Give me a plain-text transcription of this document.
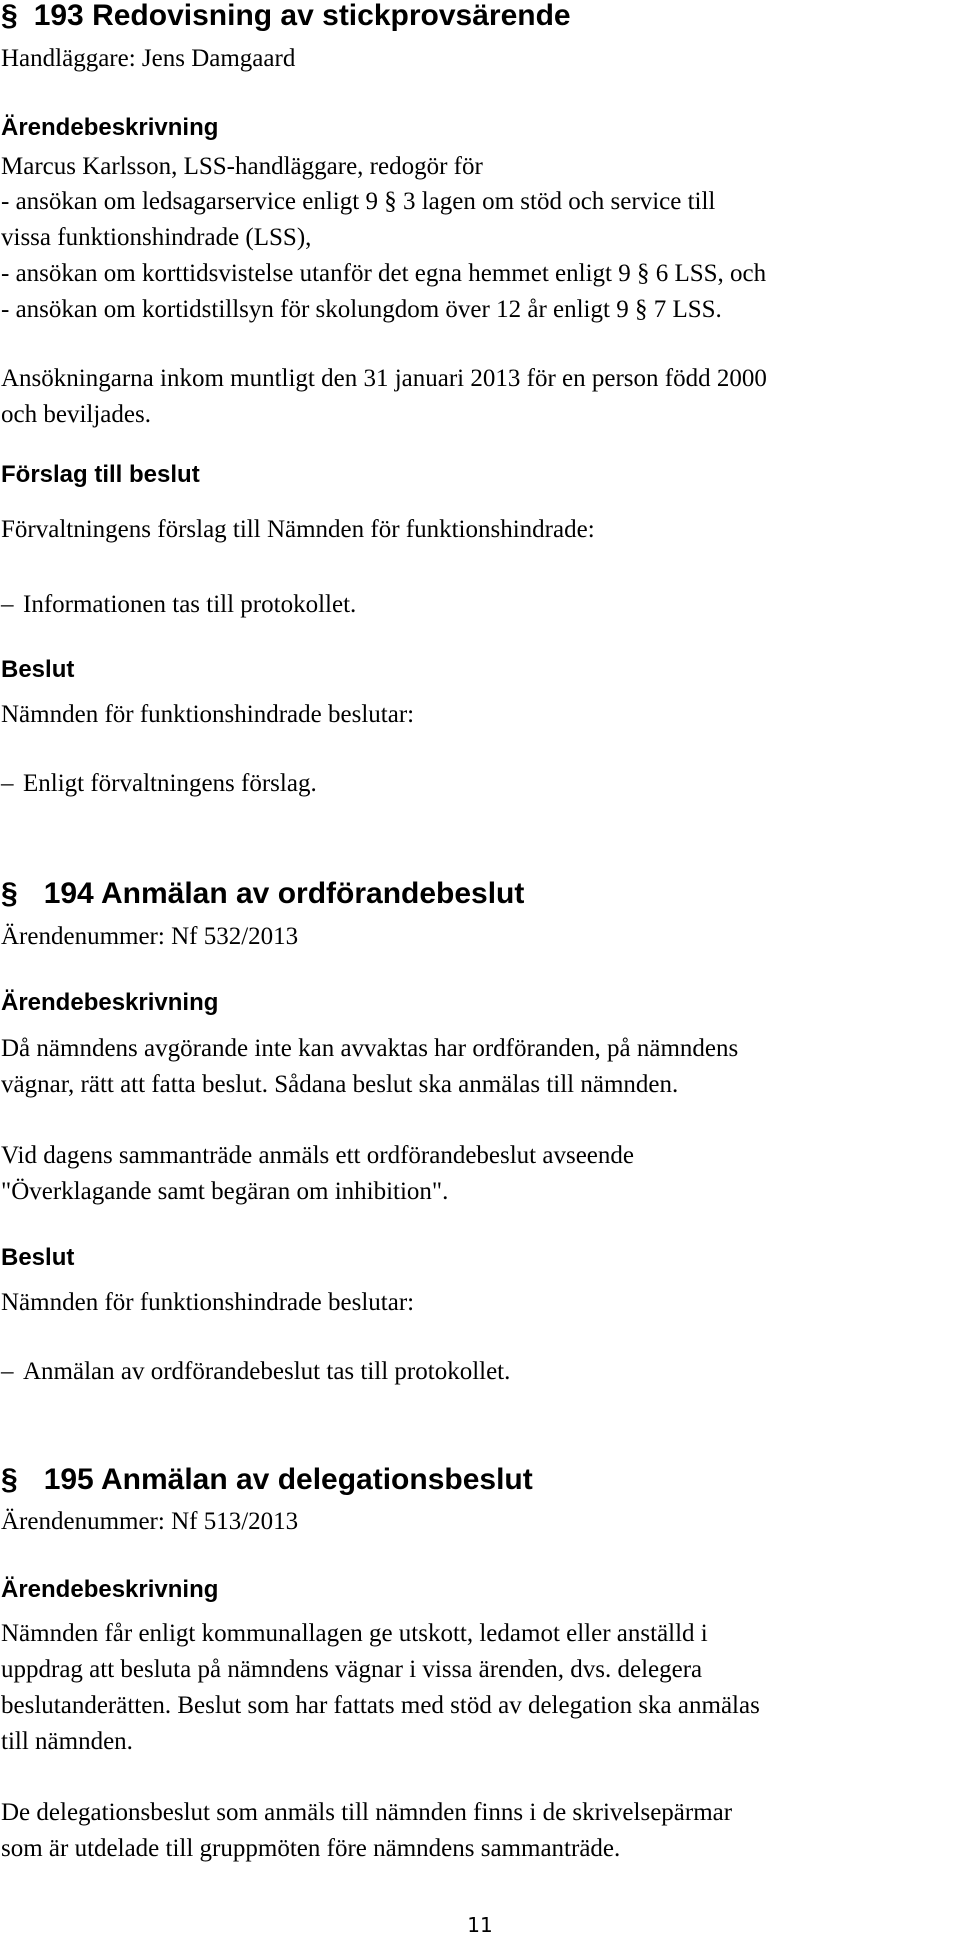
§ 193 Redovisning av stickprovsärende
Handläggare: Jens Damgaard
Ärendebeskrivning
Marcus Karlsson, LSS-handläggare, redogör för
- ansökan om ledsagarservice enligt 9 § 3 lagen om stöd och service till
vissa funktionshindrade (LSS),
- ansökan om korttidsvistelse utanför det egna hemmet enligt 9 § 6 LSS, och
- ansökan om kortidstillsyn för skolungdom över 12 år enligt 9 § 7 LSS.
Ansökningarna inkom muntligt den 31 januari 2013 för en person född 2000
och beviljades.
Förslag till beslut
Förvaltningens förslag till Nämnden för funktionshindrade:
– Informationen tas till protokollet.
Beslut
Nämnden för funktionshindrade beslutar:
– Enligt förvaltningens förslag.
§ 194 Anmälan av ordförandebeslut
Ärendenummer: Nf 532/2013
Ärendebeskrivning
Då nämndens avgörande inte kan avvaktas har ordföranden, på nämndens
vägnar, rätt att fatta beslut. Sådana beslut ska anmälas till nämnden.
Vid dagens sammanträde anmäls ett ordförandebeslut avseende
"Överklagande samt begäran om inhibition".
Beslut
Nämnden för funktionshindrade beslutar:
– Anmälan av ordförandebeslut tas till protokollet.
§ 195 Anmälan av delegationsbeslut
Ärendenummer: Nf 513/2013
Ärendebeskrivning
Nämnden får enligt kommunallagen ge utskott, ledamot eller anställd i
uppdrag att besluta på nämndens vägnar i vissa ärenden, dvs. delegera
beslutanderätten. Beslut som har fattats med stöd av delegation ska anmälas
till nämnden.
De delegationsbeslut som anmäls till nämnden finns i de skrivelsepärmar
som är utdelade till gruppmöten före nämndens sammanträde.
11
